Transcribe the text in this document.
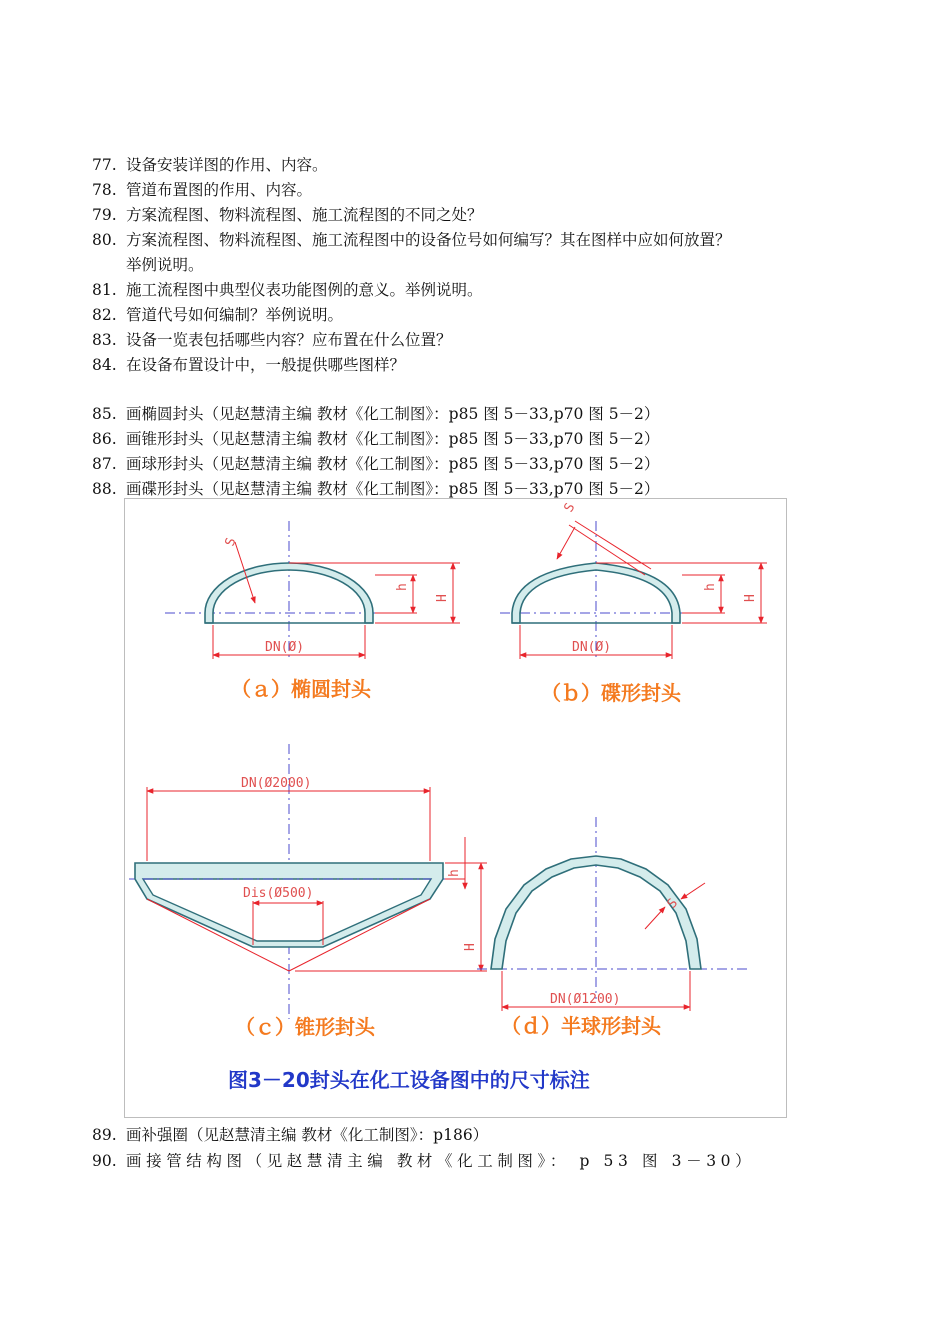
77. 设备安装详图的作用、内容。
78. 管道布置图的作用、内容。
79. 方案流程图、物料流程图、施工流程图的不同之处？
80. 方案流程图、物料流程图、施工流程图中的设备位号如何编写？其在图样中应如何放置？
举例说明。
81. 施工流程图中典型仪表功能图例的意义。举例说明。
82. 管道代号如何编制？举例说明。
83. 设备一览表包括哪些内容？应布置在什么位置？
84. 在设备布置设计中，一般提供哪些图样？
85. 画椭圆封头（见赵慧清主编 教材《化工制图》：p85 图 5－33,p70 图 5－2）
86. 画锥形封头（见赵慧清主编 教材《化工制图》：p85 图 5－33,p70 图 5－2）
87. 画球形封头（见赵慧清主编 教材《化工制图》：p85 图 5－33,p70 图 5－2）
88. 画碟形封头（见赵慧清主编 教材《化工制图》：p85 图 5－33,p70 图 5－2）
h
H
DN(Ø)
S
（ａ）椭圆封头
h
H
DN(Ø)
S
（ｂ）碟形封头
DN(Ø2000)
Dis(Ø500)
h
H
（ｃ）锥形封头
DN(Ø1200)
S
（ｄ）半球形封头
图3－20封头在化工设备图中的尺寸标注
89. 画补强圈（见赵慧清主编 教材《化工制图》：p186）
90. 画接管结构图（见赵慧清主编 教材《化工制图》： p 53 图 3－30）
